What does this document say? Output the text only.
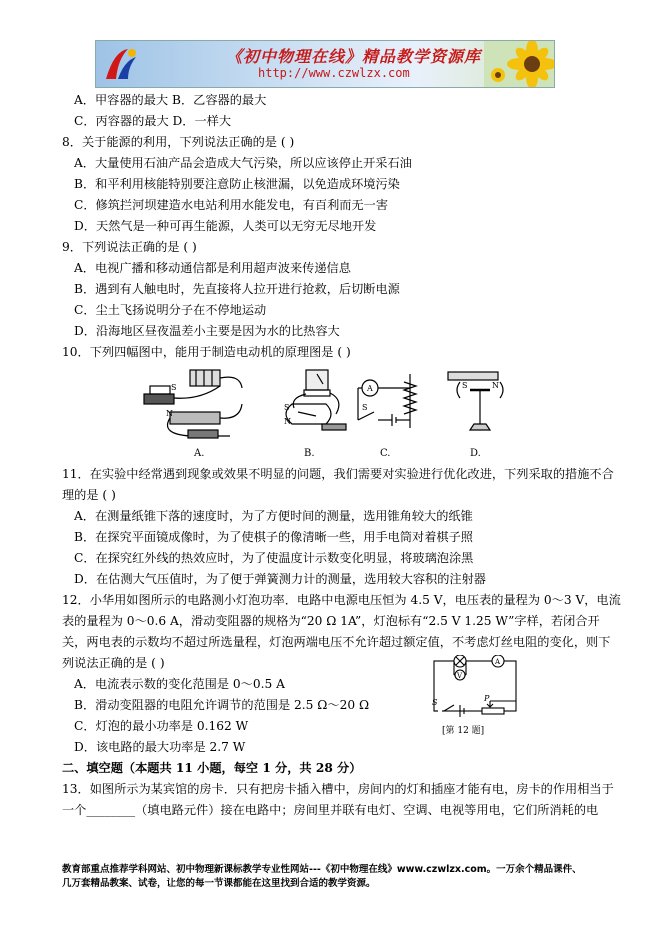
《初中物理在线》精品教学资源库
http://www.czwlzx.com
A．甲容器的最大 B．乙容器的最大
C．丙容器的最大 D．一样大
8．关于能源的利用，下列说法正确的是 ( )
A．大量使用石油产品会造成大气污染，所以应该停止开采石油
B．和平利用核能特别要注意防止核泄漏，以免造成环境污染
C．修筑拦河坝建造水电站利用水能发电，有百利而无一害
D．天然气是一种可再生能源，人类可以无穷无尽地开发
9．下列说法正确的是 ( )
A．电视广播和移动通信都是利用超声波来传递信息
B．遇到有人触电时，先直接将人拉开进行抢救，后切断电源
C．尘土飞扬说明分子在不停地运动
D．沿海地区昼夜温差小主要是因为水的比热容大
10．下列四幅图中，能用于制造电动机的原理图是 ( )
S
N
A.
S
N
B.
A
S
C.
S	N
D.
11．在实验中经常遇到现象或效果不明显的问题，我们需要对实验进行优化改进，下列采取的措施不合
理的是 ( )
A．在测量纸锥下落的速度时，为了方便时间的测量，选用锥角较大的纸锥
B．在探究平面镜成像时，为了使棋子的像清晰一些，用手电筒对着棋子照
C．在探究红外线的热效应时，为了使温度计示数变化明显，将玻璃泡涂黑
D．在估测大气压值时，为了便于弹簧测力计的测量，选用较大容积的注射器
12．小华用如图所示的电路测小灯泡功率．电路中电源电压恒为 4.5 V，电压表的量程为 0～3 V，电流
表的量程为 0～0.6 A，滑动变阻器的规格为“20 Ω 1A”，灯泡标有“2.5 V 1.25 W”字样，若闭合开
关，两电表的示数均不超过所选量程，灯泡两端电压不允许超过额定值，不考虑灯丝电阻的变化，则下
列说法正确的是 ( )
A．电流表示数的变化范围是 0～0.5 A
B．滑动变阻器的电阻允许调节的范围是 2.5 Ω～20 Ω
C．灯泡的最小功率是 0.162 W
D．该电路的最大功率是 2.7 W
A
V
S	P
[第 12 题]
二、填空题（本题共 11 小题，每空 1 分，共 28 分）
13．如图所示为某宾馆的房卡．只有把房卡插入槽中，房间内的灯和插座才能有电，房卡的作用相当于
一个________（填电路元件）接在电路中；房间里并联有电灯、空调、电视等用电，它们所消耗的电
教育部重点推荐学科网站、初中物理新课标教学专业性网站---《初中物理在线》www.czwlzx.com。一万余个精品课件、
几万套精品教案、试卷，让您的每一节课都能在这里找到合适的教学资源。
